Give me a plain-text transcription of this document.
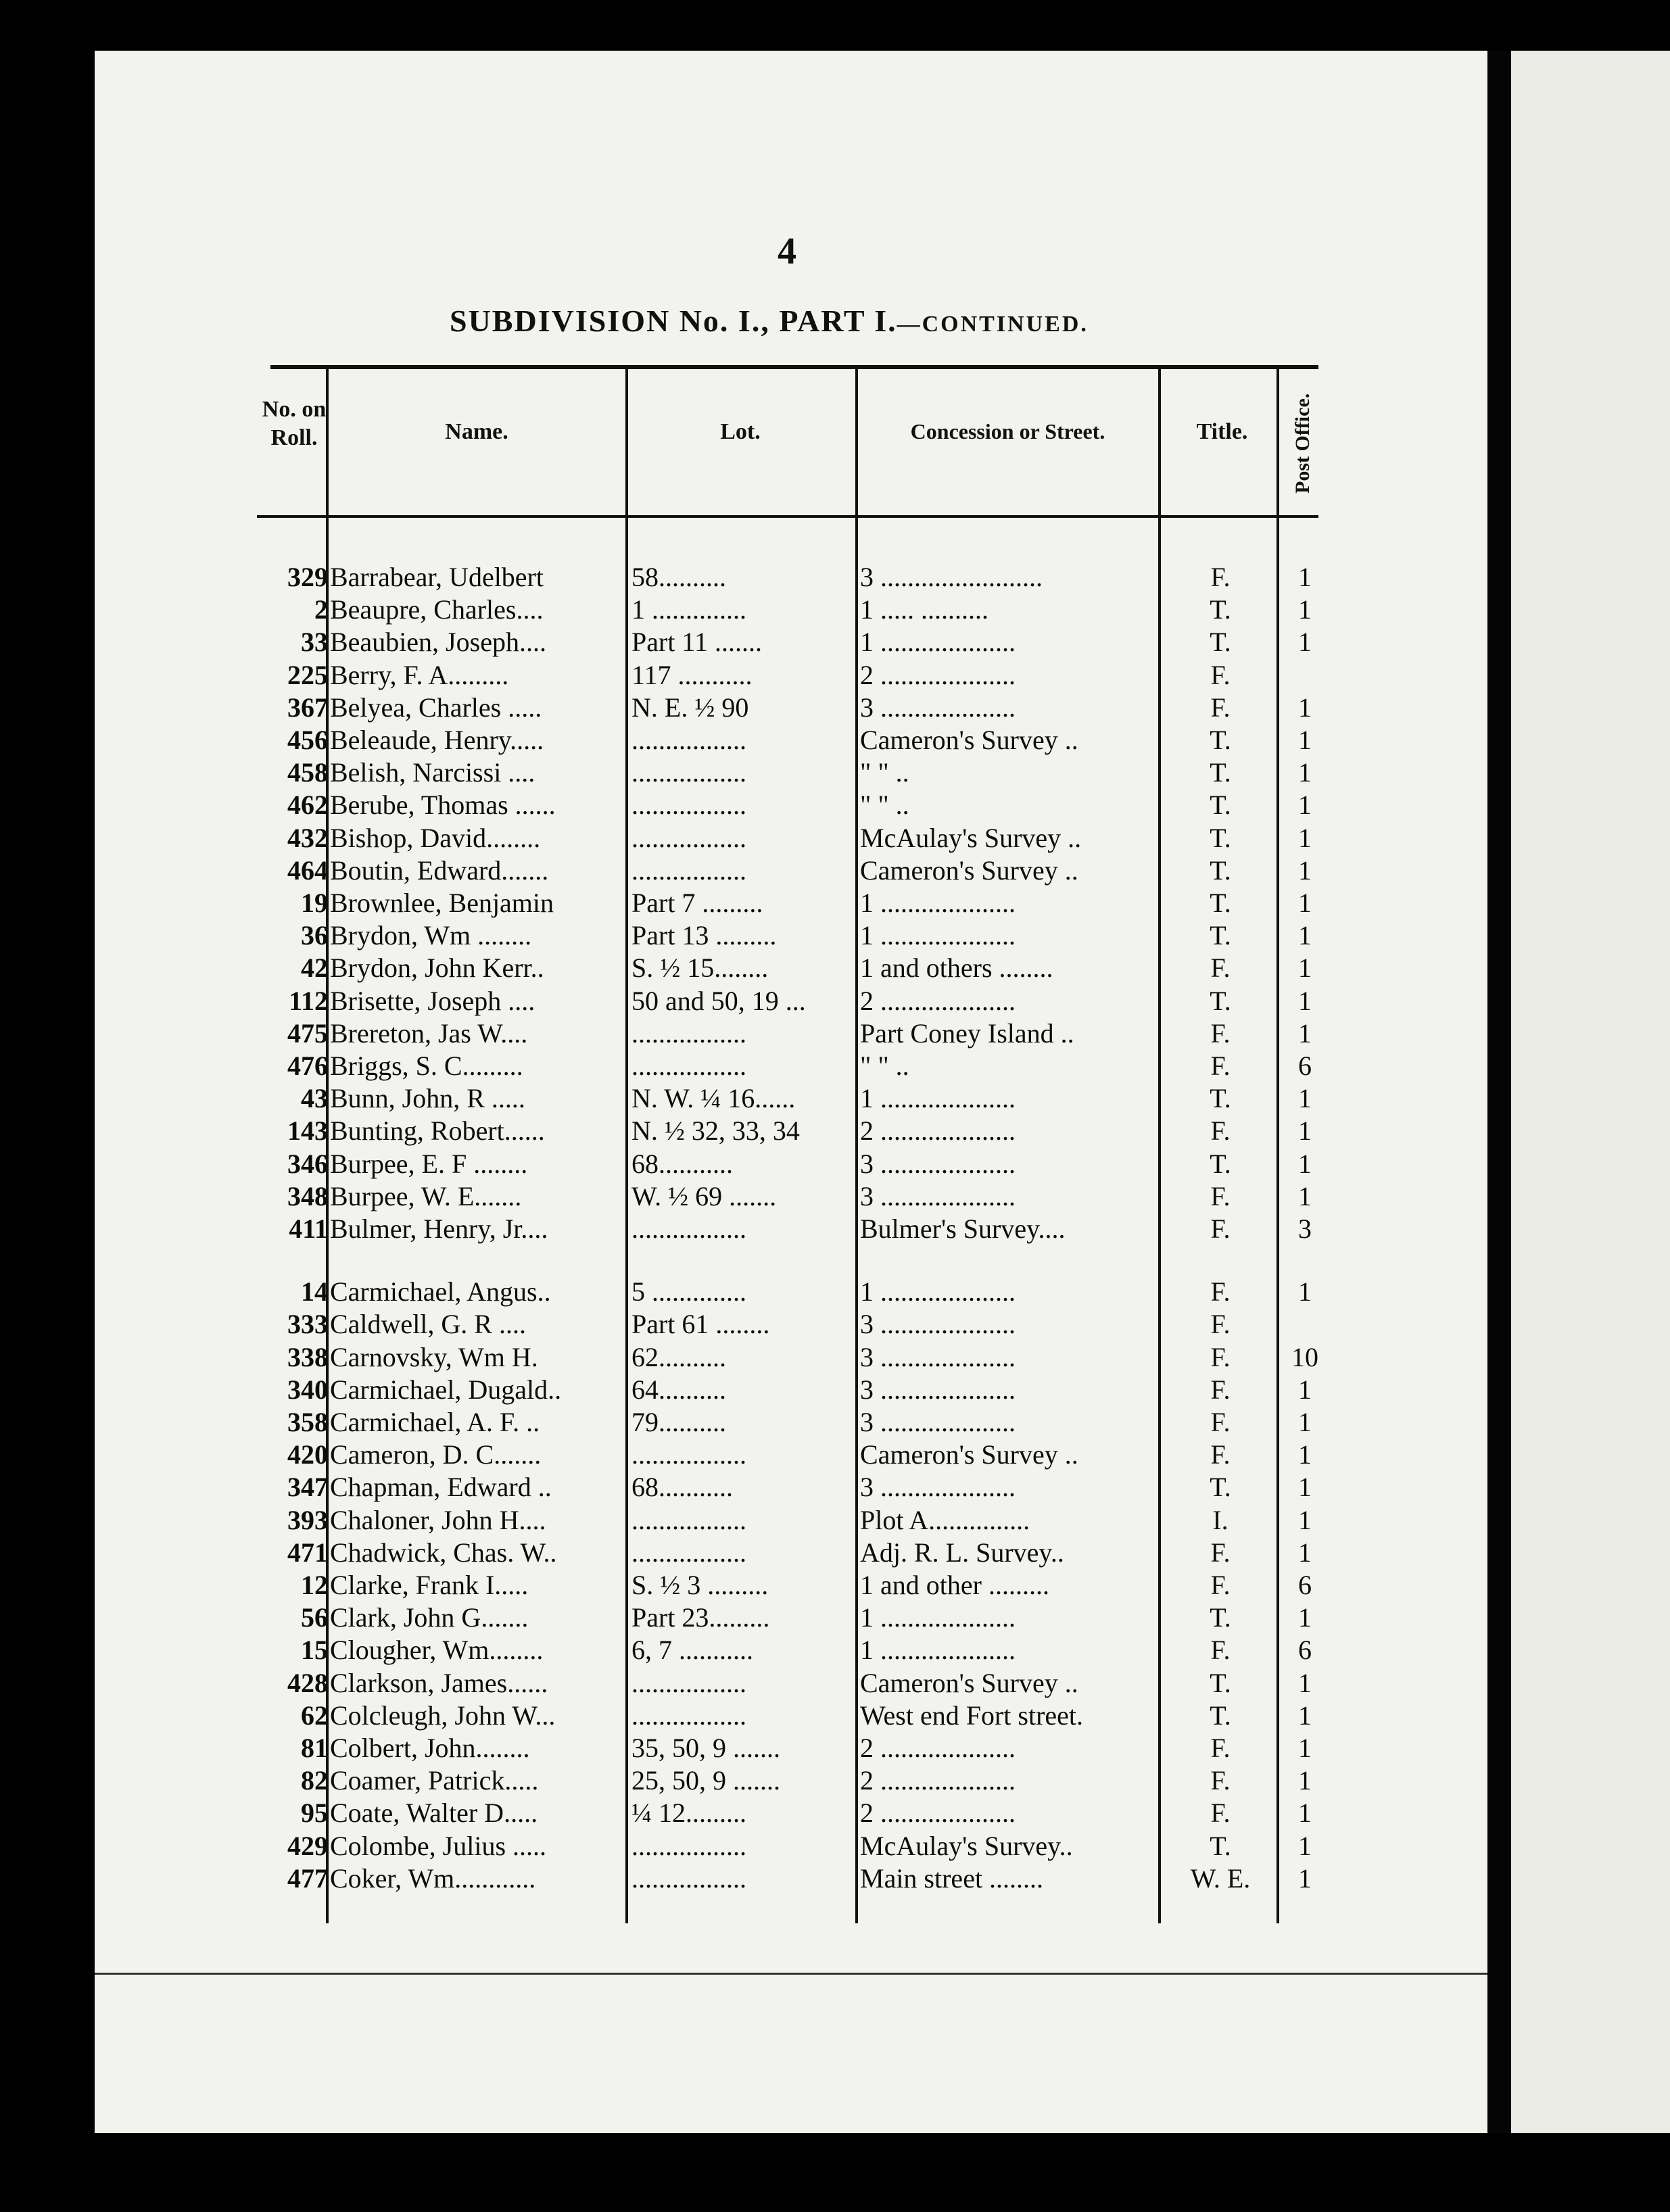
4
SUBDIVISION No. I., PART I.—CONTINUED.
No. on Roll.	Name.	Lot.	Concession or Street.	Title.	Post Office.
329 Barrabear, Udelbert	58..........	3 ........................	F.	1
2 Beaupre, Charles....	1 ..............	1 ..... ..........	T.	1
33 Beaubien, Joseph....	Part 11 .......	1 ....................	T.	1
225 Berry, F. A.........	117 ...........	2 ....................	F.
367 Belyea, Charles .....	N. E. ½ 90	3 ....................	F.	1
456 Beleaude, Henry.....	.................	Cameron's Survey ..	T.	1
458 Belish, Narcissi ....	.................	" " ..	T.	1
462 Berube, Thomas ......	.................	" " ..	T.	1
432 Bishop, David........	.................	McAulay's Survey ..	T.	1
464 Boutin, Edward.......	.................	Cameron's Survey ..	T.	1
19 Brownlee, Benjamin	Part 7 .........	1 ....................	T.	1
36 Brydon, Wm ........	Part 13 .........	1 ....................	T.	1
42 Brydon, John Kerr..	S. ½ 15........	1 and others ........	F.	1
112 Brisette, Joseph ....	50 and 50, 19 ...	2 ....................	T.	1
475 Brereton, Jas W....	.................	Part Coney Island ..	F.	1
476 Briggs, S. C.........	.................	" " ..	F.	6
43 Bunn, John, R .....	N. W. ¼ 16......	1 ....................	T.	1
143 Bunting, Robert......	N. ½ 32, 33, 34	2 ....................	F.	1
346 Burpee, E. F ........	68...........	3 ....................	T.	1
348 Burpee, W. E.......	W. ½ 69 .......	3 ....................	F.	1
411 Bulmer, Henry, Jr....	.................	Bulmer's Survey....	F.	3
14 Carmichael, Angus..	5 ..............	1 ....................	F.	1
333 Caldwell, G. R ....	Part 61 ........	3 ....................	F.
338 Carnovsky, Wm H.	62..........	3 ....................	F.	10
340 Carmichael, Dugald..	64..........	3 ....................	F.	1
358 Carmichael, A. F. ..	79..........	3 ....................	F.	1
420 Cameron, D. C.......	.................	Cameron's Survey ..	F.	1
347 Chapman, Edward ..	68...........	3 ....................	T.	1
393 Chaloner, John H....	.................	Plot A...............	I.	1
471 Chadwick, Chas. W..	.................	Adj. R. L. Survey..	F.	1
12 Clarke, Frank I.....	S. ½ 3 .........	1 and other .........	F.	6
56 Clark, John G.......	Part 23.........	1 ....................	T.	1
15 Clougher, Wm........	6, 7 ...........	1 ....................	F.	6
428 Clarkson, James......	.................	Cameron's Survey ..	T.	1
62 Colcleugh, John W...	.................	West end Fort street.	T.	1
81 Colbert, John........	35, 50, 9 .......	2 ....................	F.	1
82 Coamer, Patrick.....	25, 50, 9 .......	2 ....................	F.	1
95 Coate, Walter D.....	¼ 12.........	2 ....................	F.	1
429 Colombe, Julius .....	.................	McAulay's Survey..	T.	1
477 Coker, Wm............	.................	Main street ........	W. E.	1
